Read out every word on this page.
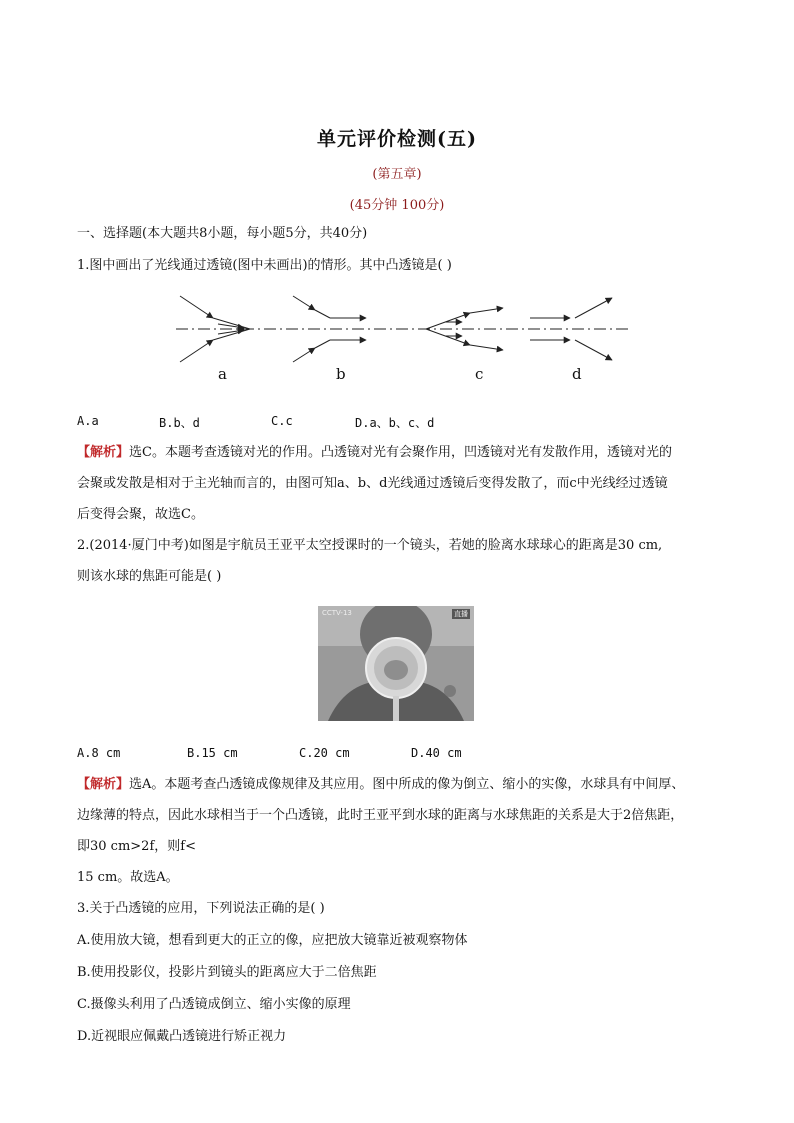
单元评价检测(五)
(第五章)
(45分钟 100分)
一、选择题(本大题共8小题，每小题5分，共40分)
1.图中画出了光线通过透镜(图中未画出)的情形。其中凸透镜是( )
a	b	c	d
A.a	B.b、d	C.c	D.a、b、c、d
【解析】选C。本题考查透镜对光的作用。凸透镜对光有会聚作用，凹透镜对光有发散作用，透镜对光的
会聚或发散是相对于主光轴而言的，由图可知a、b、d光线通过透镜后变得发散了，而c中光线经过透镜
后变得会聚，故选C。
2.(2014·厦门中考)如图是宇航员王亚平太空授课时的一个镜头，若她的脸离水球球心的距离是30 cm,
则该水球的焦距可能是( )
CCTV-13	直播
A.8 cm	B.15 cm	C.20 cm	D.40 cm
【解析】选A。本题考查凸透镜成像规律及其应用。图中所成的像为倒立、缩小的实像，水球具有中间厚、
边缘薄的特点，因此水球相当于一个凸透镜，此时王亚平到水球的距离与水球焦距的关系是大于2倍焦距，
即30 cm>2f，则f<
15 cm。故选A。
3.关于凸透镜的应用，下列说法正确的是( )
A.使用放大镜，想看到更大的正立的像，应把放大镜靠近被观察物体
B.使用投影仪，投影片到镜头的距离应大于二倍焦距
C.摄像头利用了凸透镜成倒立、缩小实像的原理
D.近视眼应佩戴凸透镜进行矫正视力
